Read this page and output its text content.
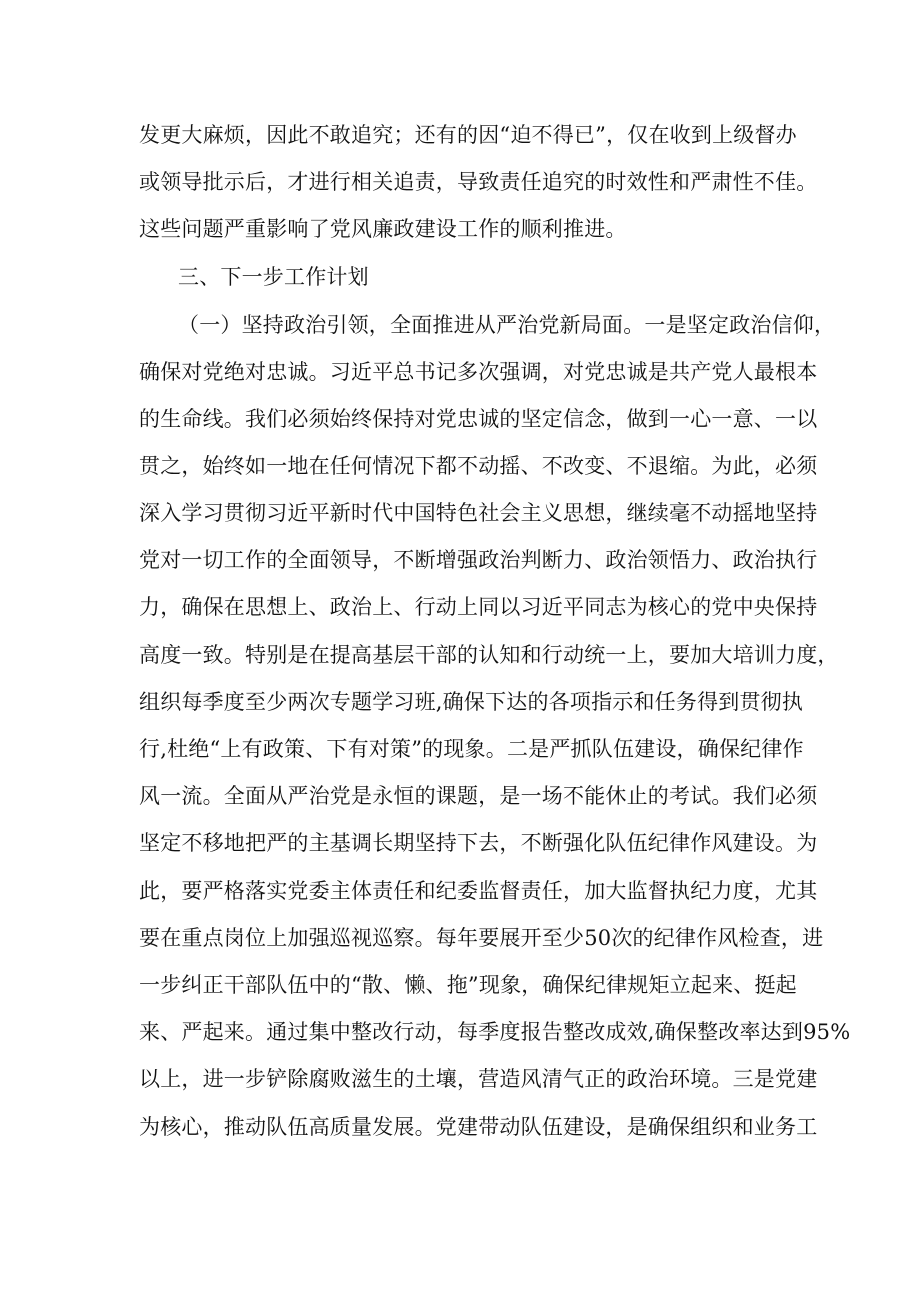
发更大麻烦，因此不敢追究；还有的因“迫不得已”，仅在收到上级督办
或领导批示后，才进行相关追责，导致责任追究的时效性和严肃性不佳。
这些问题严重影响了党风廉政建设工作的顺利推进。
三、下一步工作计划
（一）坚持政治引领，全面推进从严治党新局面。一是坚定政治信仰，
确保对党绝对忠诚。习近平总书记多次强调，对党忠诚是共产党人最根本
的生命线。我们必须始终保持对党忠诚的坚定信念，做到一心一意、一以
贯之，始终如一地在任何情况下都不动摇、不改变、不退缩。为此，必须
深入学习贯彻习近平新时代中国特色社会主义思想，继续毫不动摇地坚持
党对一切工作的全面领导，不断增强政治判断力、政治领悟力、政治执行
力，确保在思想上、政治上、行动上同以习近平同志为核心的党中央保持
高度一致。特别是在提高基层干部的认知和行动统一上，要加大培训力度，
组织每季度至少两次专题学习班,确保下达的各项指示和任务得到贯彻执
行,杜绝“上有政策、下有对策”的现象。二是严抓队伍建设，确保纪律作
风一流。全面从严治党是永恒的课题，是一场不能休止的考试。我们必须
坚定不移地把严的主基调长期坚持下去，不断强化队伍纪律作风建设。为
此，要严格落实党委主体责任和纪委监督责任，加大监督执纪力度，尤其
要在重点岗位上加强巡视巡察。每年要展开至少50次的纪律作风检查，进
一步纠正干部队伍中的“散、懒、拖”现象，确保纪律规矩立起来、挺起
来、严起来。通过集中整改行动，每季度报告整改成效,确保整改率达到95%
以上，进一步铲除腐败滋生的土壤，营造风清气正的政治环境。三是党建
为核心，推动队伍高质量发展。党建带动队伍建设，是确保组织和业务工
